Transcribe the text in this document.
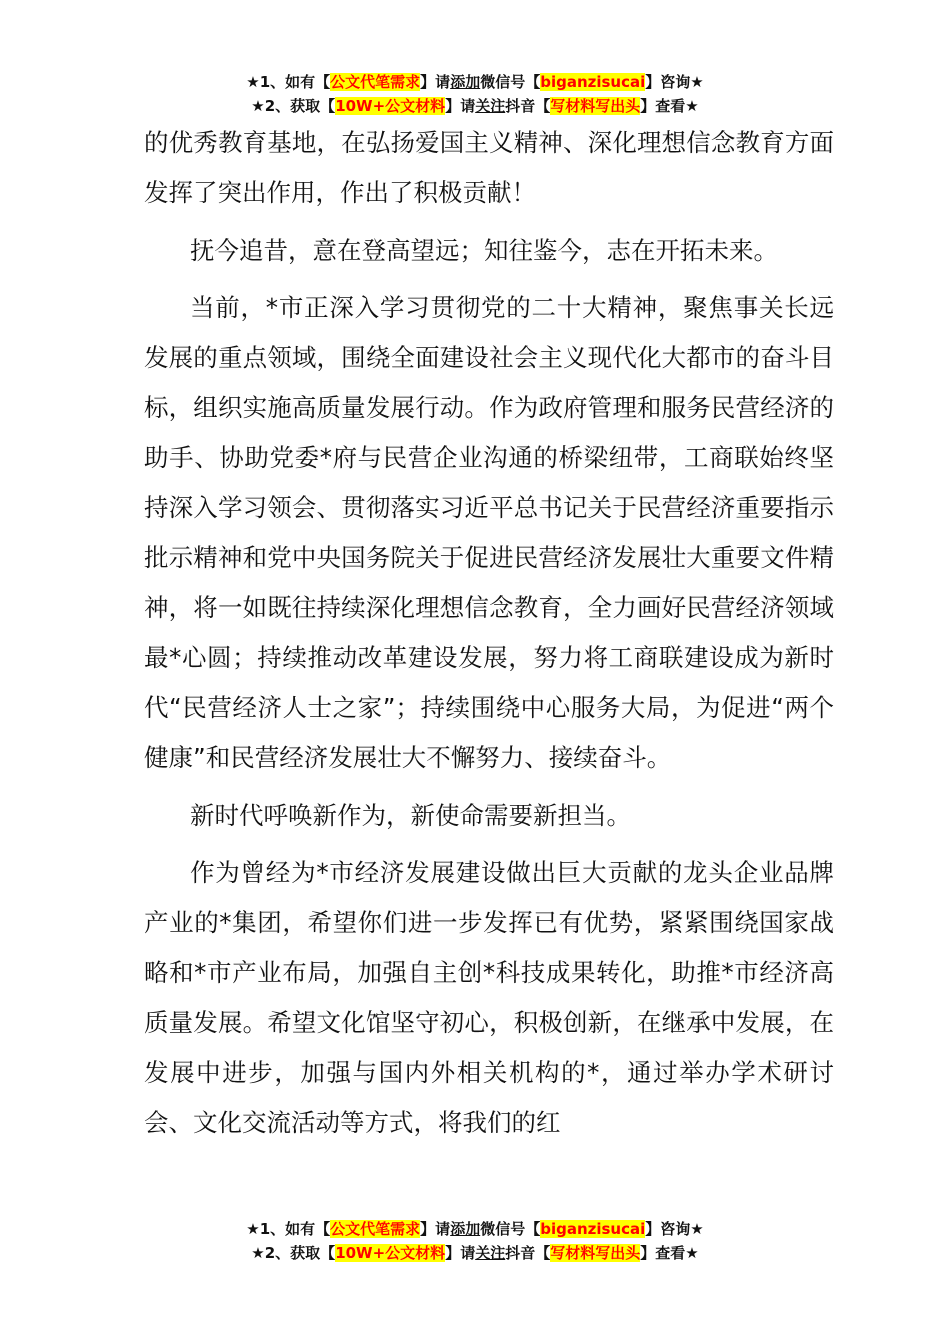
★1、如有【公文代笔需求】请添加微信号【biganzisucai】咨询★
★2、获取【10W+公文材料】请关注抖音【写材料写出头】查看★

的优秀教育基地，在弘扬爱国主义精神、深化理想信念教育方面发挥了突出作用，作出了积极贡献！

抚今追昔，意在登高望远；知往鉴今，志在开拓未来。

当前，*市正深入学习贯彻党的二十大精神，聚焦事关长远发展的重点领域，围绕全面建设社会主义现代化大都市的奋斗目标，组织实施高质量发展行动。作为政府管理和服务民营经济的助手、协助党委*府与民营企业沟通的桥梁纽带，工商联始终坚持深入学习领会、贯彻落实习近平总书记关于民营经济重要指示批示精神和党中央国务院关于促进民营经济发展壮大重要文件精神，将一如既往持续深化理想信念教育，全力画好民营经济领域最*心圆；持续推动改革建设发展，努力将工商联建设成为新时代“民营经济人士之家”；持续围绕中心服务大局，为促进“两个健康”和民营经济发展壮大不懈努力、接续奋斗。

新时代呼唤新作为，新使命需要新担当。

作为曾经为*市经济发展建设做出巨大贡献的龙头企业品牌产业的*集团，希望你们进一步发挥已有优势，紧紧围绕国家战略和*市产业布局，加强自主创*科技成果转化，助推*市经济高质量发展。希望文化馆坚守初心，积极创新，在继承中发展，在发展中进步，加强与国内外相关机构的*，通过举办学术研讨会、文化交流活动等方式，将我们的红

★1、如有【公文代笔需求】请添加微信号【biganzisucai】咨询★
★2、获取【10W+公文材料】请关注抖音【写材料写出头】查看★
